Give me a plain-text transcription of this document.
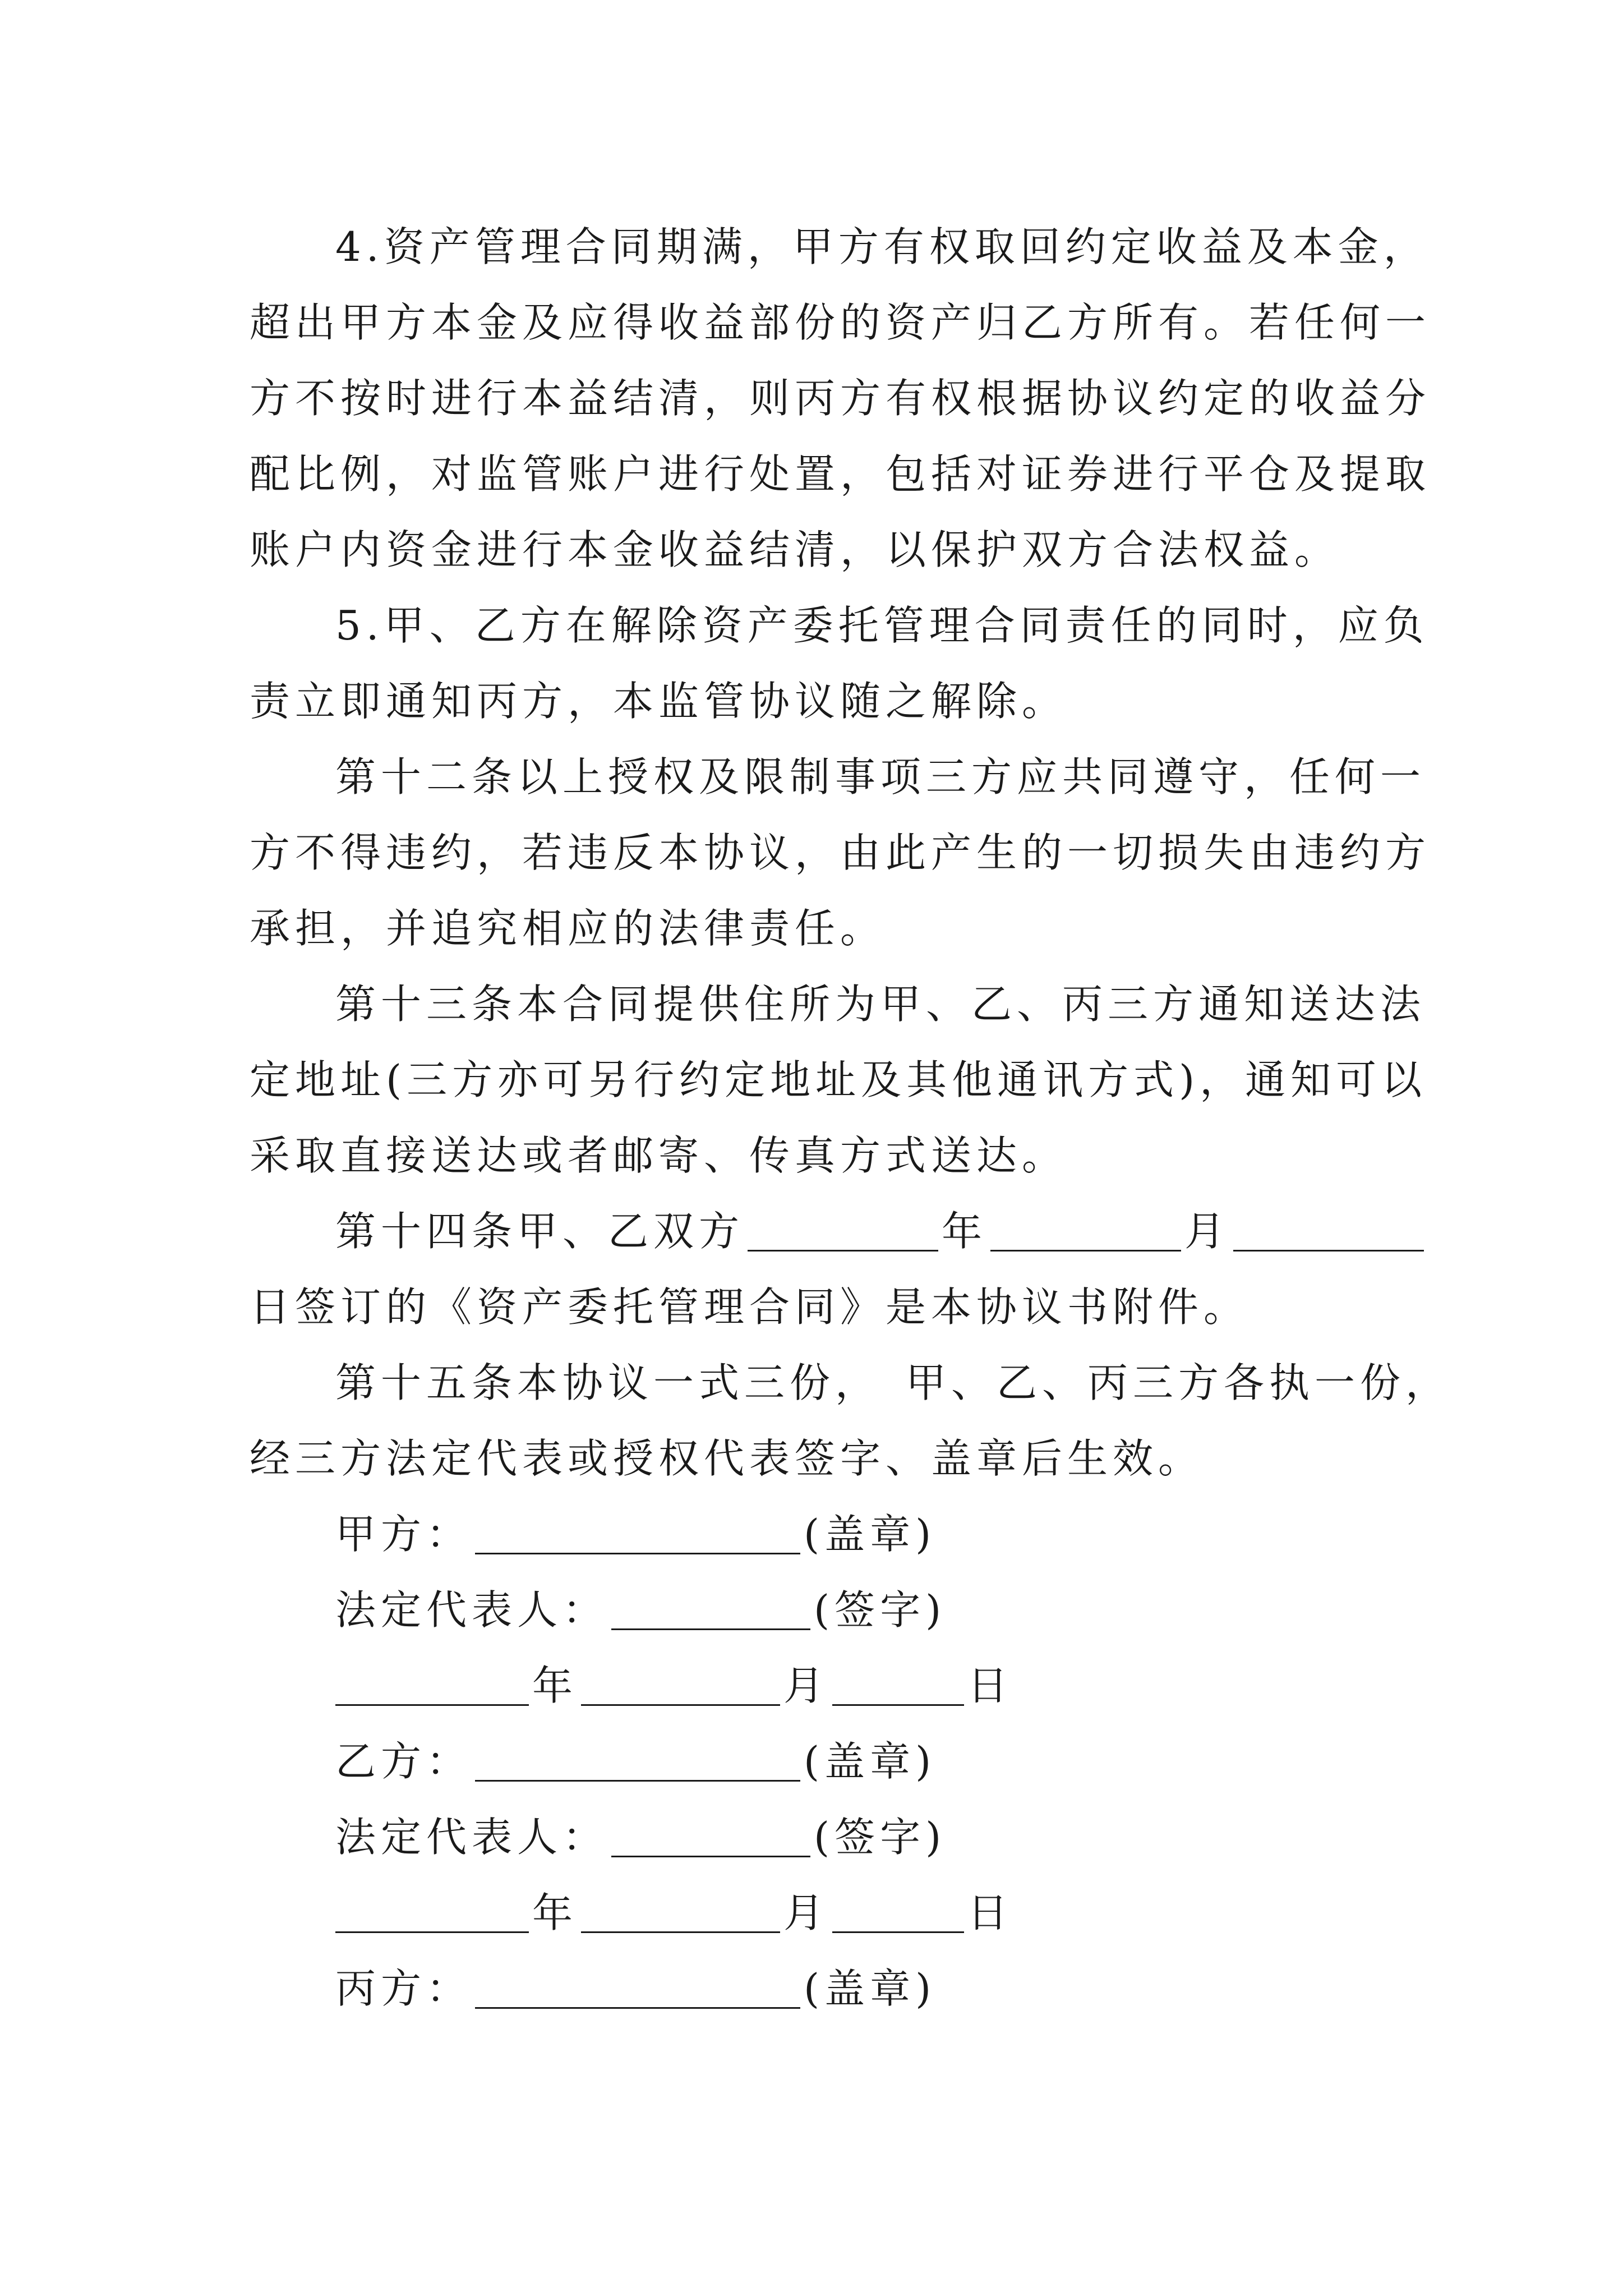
4.资产管理合同期满，甲方有权取回约定收益及本金，
超出甲方本金及应得收益部份的资产归乙方所有。若任何一
方不按时进行本益结清，则丙方有权根据协议约定的收益分
配比例，对监管账户进行处置，包括对证券进行平仓及提取
账户内资金进行本金收益结清，以保护双方合法权益。
5.甲、乙方在解除资产委托管理合同责任的同时，应负
责立即通知丙方，本监管协议随之解除。
第十二条以上授权及限制事项三方应共同遵守，任何一
方不得违约，若违反本协议，由此产生的一切损失由违约方
承担，并追究相应的法律责任。
第十三条本合同提供住所为甲、乙、丙三方通知送达法
定地址(三方亦可另行约定地址及其他通讯方式)，通知可以
采取直接送达或者邮寄、传真方式送达。
第十四条甲、乙双方	年	月
日签订的《资产委托管理合同》是本协议书附件。
第十五条本协议一式三份，　甲、乙、丙三方各执一份，
经三方法定代表或授权代表签字、盖章后生效。
甲方：	(盖章)
法定代表人：	(签字)
年	月	日
乙方：	(盖章)
法定代表人：	(签字)
年	月	日
丙方：	(盖章)
